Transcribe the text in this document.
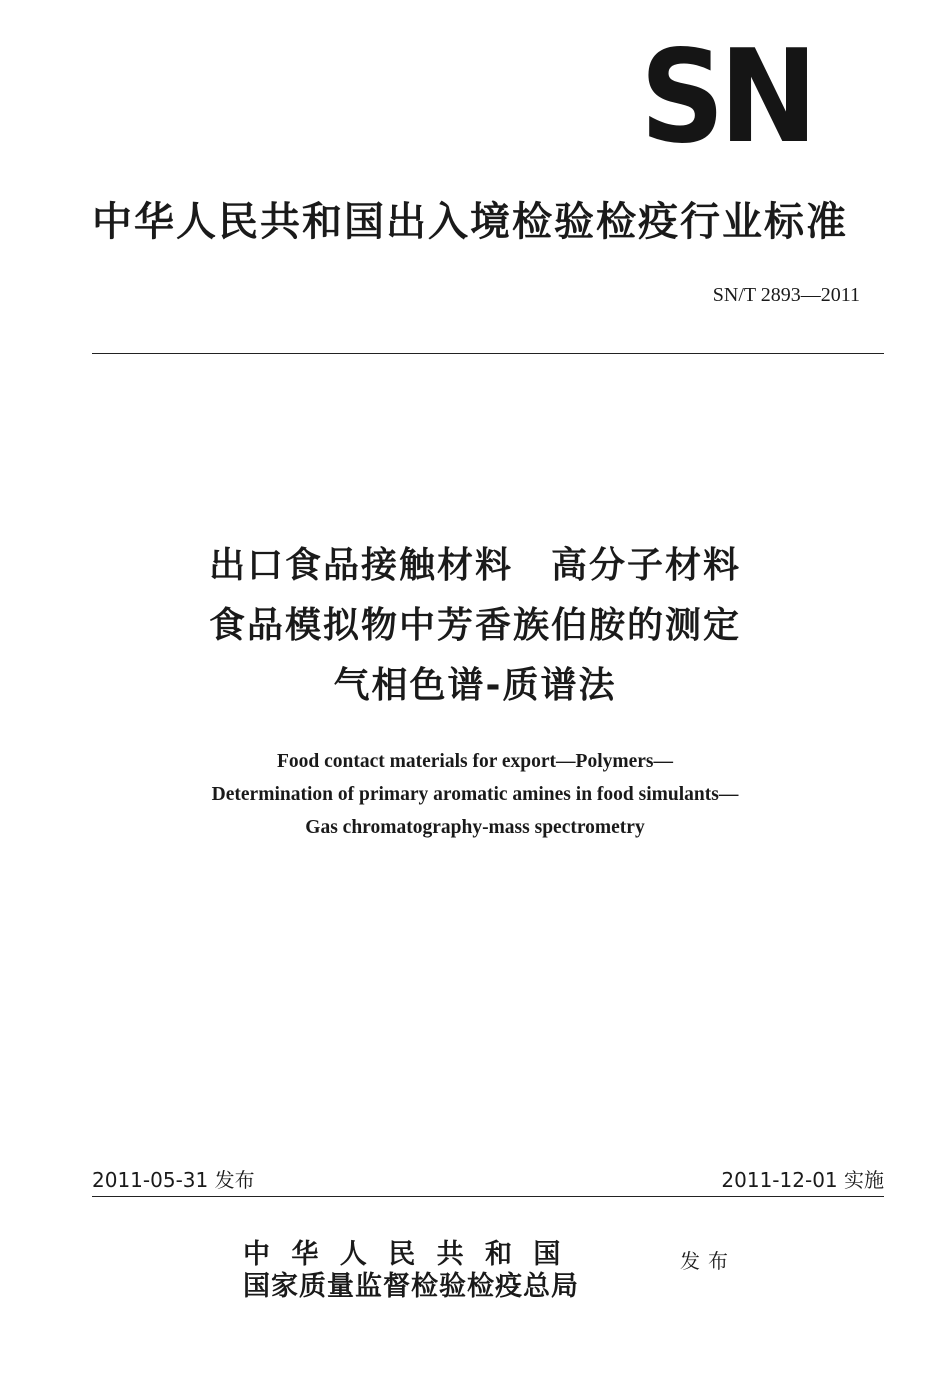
SN
中华人民共和国出入境检验检疫行业标准
SN/T 2893—2011
出口食品接触材料　高分子材料
食品模拟物中芳香族伯胺的测定
气相色谱-质谱法
Food contact materials for export—Polymers—
Determination of primary aromatic amines in food simulants—
Gas chromatography-mass spectrometry
2011-05-31 发布	2011-12-01 实施
中 华 人 民 共 和 国
国家质量监督检验检疫总局
发布
